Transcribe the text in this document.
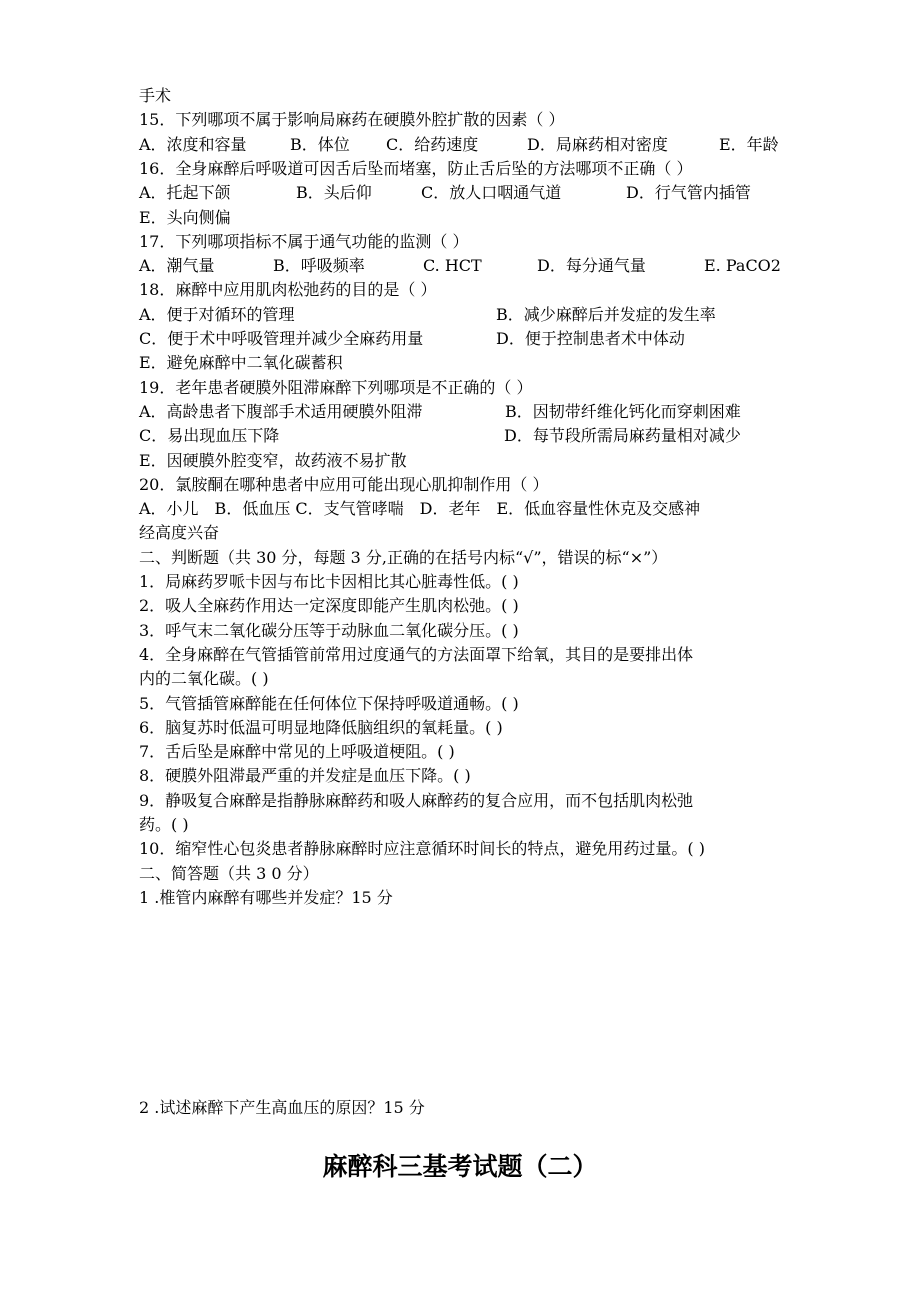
手术
15．下列哪项不属于影响局麻药在硬膜外腔扩散的因素（ ）
A．浓度和容量	B．体位 C．给药速度	D．局麻药相对密度	E．年龄
16．全身麻醉后呼吸道可因舌后坠而堵塞，防止舌后坠的方法哪项不正确（ ）
A．托起下颌	B．头后仰	C．放人口咽通气道	D．行气管内插管
E．头向侧偏
17．下列哪项指标不属于通气功能的监测（ ）
A．潮气量	B．呼吸频率	C. HCT	D．每分通气量	E. PaCO2
18．麻醉中应用肌肉松弛药的目的是（ ）
A．便于对循环的管理	B．减少麻醉后并发症的发生率
C．便于术中呼吸管理并减少全麻药用量	D．便于控制患者术中体动
E．避免麻醉中二氧化碳蓄积
19．老年患者硬膜外阻滞麻醉下列哪项是不正确的（ ）
A．高龄患者下腹部手术适用硬膜外阻滞	B．因韧带纤维化钙化而穿刺困难
C．易出现血压下降	D．每节段所需局麻药量相对减少
E．因硬膜外腔变窄，故药液不易扩散
20．氯胺酮在哪种患者中应用可能出现心肌抑制作用（ ）
A．小儿　B．低血压 C．支气管哮喘　D．老年　E．低血容量性休克及交感神
经高度兴奋
二、判断题（共 30 分，每题 3 分,正确的在括号内标“√”，错误的标“×”）
1．局麻药罗哌卡因与布比卡因相比其心脏毒性低。( )
2．吸人全麻药作用达一定深度即能产生肌肉松弛。( )
3．呼气末二氧化碳分压等于动脉血二氧化碳分压。( )
4．全身麻醉在气管插管前常用过度通气的方法面罩下给氧，其目的是要排出体
内的二氧化碳。( )
5．气管插管麻醉能在任何体位下保持呼吸道通畅。( )
6．脑复苏时低温可明显地降低脑组织的氧耗量。( )
7．舌后坠是麻醉中常见的上呼吸道梗阻。( )
8．硬膜外阻滞最严重的并发症是血压下降。( )
9．静吸复合麻醉是指静脉麻醉药和吸人麻醉药的复合应用，而不包括肌肉松弛
药。( )
10．缩窄性心包炎患者静脉麻醉时应注意循环时间长的特点，避免用药过量。( )
二、简答题（共 3 0 分）
1 .椎管内麻醉有哪些并发症？15 分
2 .试述麻醉下产生高血压的原因？15 分
麻醉科三基考试题（二）
